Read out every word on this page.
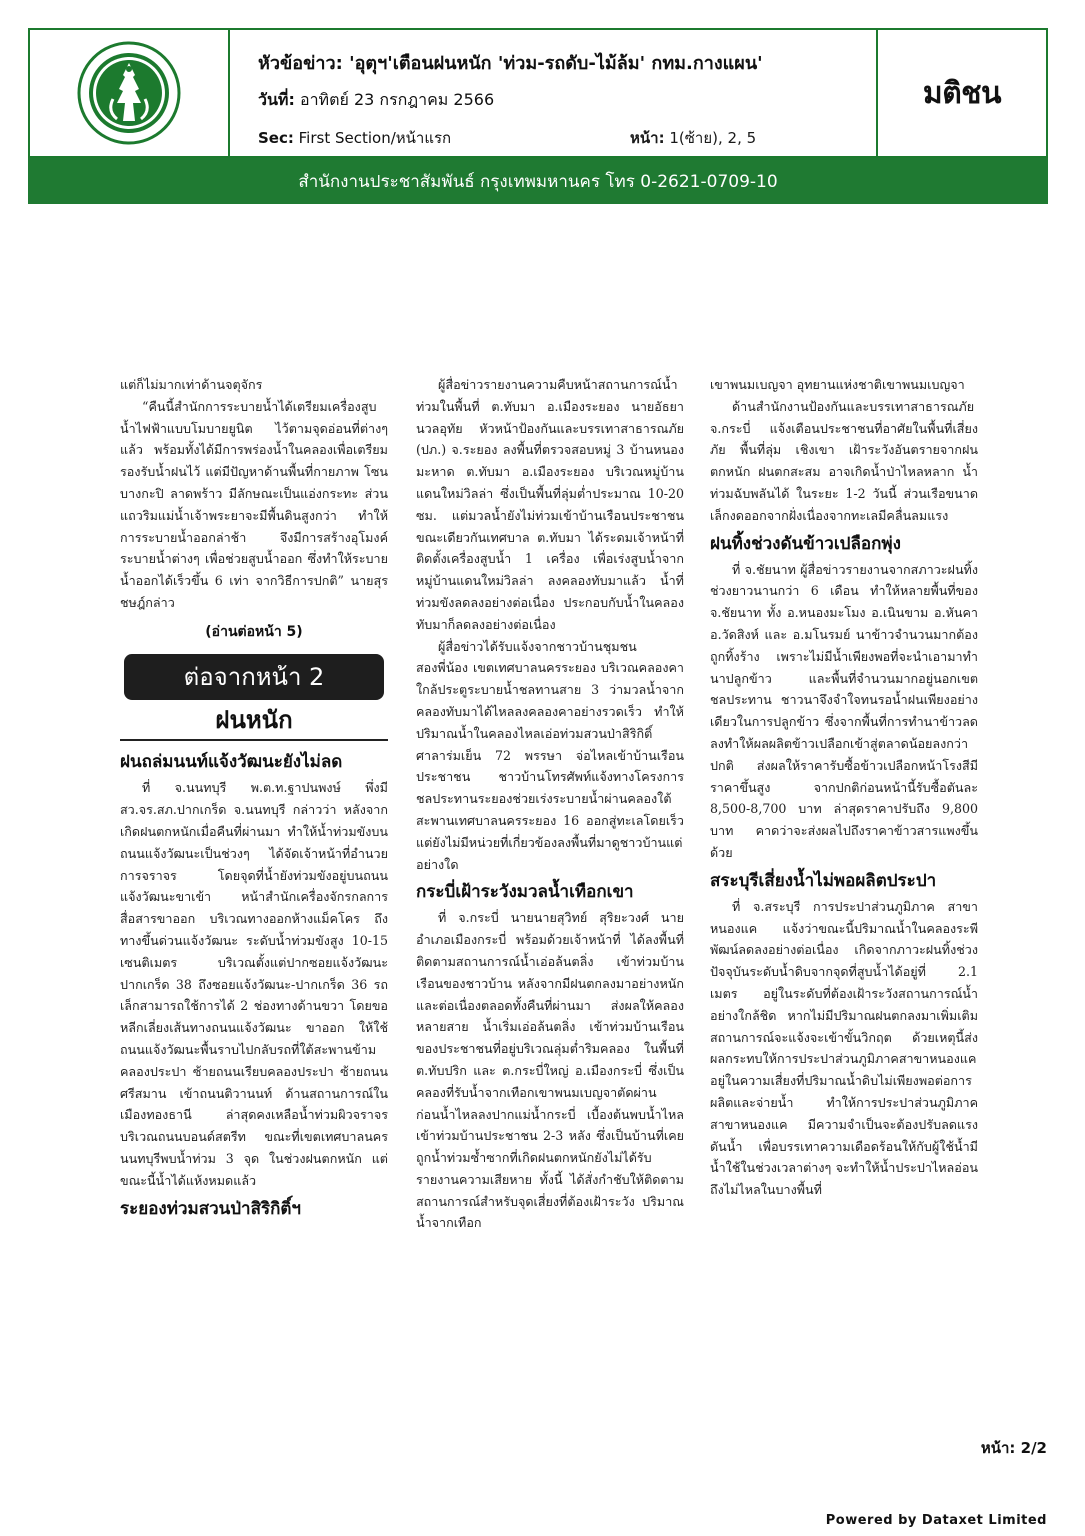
หัวข้อข่าว: 'อุตุฯ'เตือนฝนหนัก 'ท่วม-รถดับ-ไม้ล้ม' กทม.กางแผน'
วันที่: อาทิตย์ 23 กรกฎาคม 2566
Sec: First Section/หน้าแรก	หน้า: 1(ซ้าย), 2, 5
มติชน
สำนักงานประชาสัมพันธ์ กรุงเทพมหานคร โทร 0-2621-0709-10

แต่ก็ไม่มากเท่าด้านจตุจักร

“คืนนี้สำนักการระบายน้ำได้เตรียมเครื่องสูบน้ำไฟฟ้าแบบโมบายยูนิต ไว้ตามจุดอ่อนที่ต่างๆ แล้ว พร้อมทั้งได้มีการพร่องน้ำในคลองเพื่อเตรียมรองรับน้ำฝนไว้ แต่มีปัญหาด้านพื้นที่กายภาพ โซนบางกะปิ ลาดพร้าว มีลักษณะเป็นแอ่งกระทะ ส่วนแถวริมแม่น้ำเจ้าพระยาจะมีพื้นดินสูงกว่า ทำให้การระบายน้ำออกล่าช้า จึงมีการสร้างอุโมงค์ระบายน้ำต่างๆ เพื่อช่วยสูบน้ำออก ซึ่งทำให้ระบายน้ำออกได้เร็วขึ้น 6 เท่า จากวิธีการปกติ” นายสุรชษฎ์กล่าว

(อ่านต่อหน้า 5)
ต่อจากหน้า 2
ฝนหนัก
ฝนถล่มนนท์แจ้งวัฒนะยังไม่ลด

ที่ จ.นนทบุรี พ.ต.ท.ฐาปนพงษ์ พึ่งมี สว.จร.สภ.ปากเกร็ด จ.นนทบุรี กล่าวว่า หลังจากเกิดฝนตกหนักเมื่อคืนที่ผ่านมา ทำให้น้ำท่วมขังบนถนนแจ้งวัฒนะเป็นช่วงๆ ได้จัดเจ้าหน้าที่อำนวยการจราจร โดยจุดที่น้ำยังท่วมขังอยู่บนถนนแจ้งวัฒนะขาเข้า หน้าสำนักเครื่องจักรกลการสื่อสารขาออก บริเวณทางออกห้างแม็คโคร ถึงทางขึ้นด่วนแจ้งวัฒนะ ระดับน้ำท่วมขังสูง 10-15 เซนติเมตร บริเวณตั้งแต่ปากซอยแจ้งวัฒนะ ปากเกร็ด 38 ถึงซอยแจ้งวัฒนะ-ปากเกร็ด 36 รถเล็กสามารถใช้การได้ 2 ช่องทางด้านขวา โดยขอหลีกเลี่ยงเส้นทางถนนแจ้งวัฒนะ ขาออก ให้ใช้ถนนแจ้งวัฒนะพื้นราบไปกลับรถที่ใต้สะพานข้ามคลองประปา ซ้ายถนนเรียบคลองประปา ซ้ายถนนศรีสมาน เข้าถนนติวานนท์ ด้านสถานการณ์ในเมืองทองธานี ล่าสุดคงเหลือน้ำท่วมผิวจราจรบริเวณถนนบอนด์สตรีท ขณะที่เขตเทศบาลนครนนทบุรีพบน้ำท่วม 3 จุด ในช่วงฝนตกหนัก แต่ขณะนี้น้ำได้แห้งหมดแล้ว

ระยองท่วมสวนป่าสิริกิติ์ฯ

ผู้สื่อข่าวรายงานความคืบหน้าสถานการณ์น้ำท่วมในพื้นที่ ต.ทับมา อ.เมืองระยอง นายอัธยา นวลอุทัย หัวหน้าป้องกันและบรรเทาสาธารณภัย (ปภ.) จ.ระยอง ลงพื้นที่ตรวจสอบหมู่ 3 บ้านหนองมะหาด ต.ทับมา อ.เมืองระยอง บริเวณหมู่บ้านแดนใหม่วิลล่า ซึ่งเป็นพื้นที่ลุ่มต่ำประมาณ 10-20 ซม. แต่มวลน้ำยังไม่ท่วมเข้าบ้านเรือนประชาชน ขณะเดียวกันเทศบาล ต.ทับมา ได้ระดมเจ้าหน้าที่ติดตั้งเครื่องสูบน้ำ 1 เครื่อง เพื่อเร่งสูบน้ำจากหมู่บ้านแดนใหม่วิลล่า ลงคลองทับมาแล้ว น้ำที่ท่วมขังลดลงอย่างต่อเนื่อง ประกอบกับน้ำในคลองทับมาก็ลดลงอย่างต่อเนื่อง

ผู้สื่อข่าวได้รับแจ้งจากชาวบ้านชุมชนสองพี่น้อง เขตเทศบาลนครระยอง บริเวณคลองคาใกล้ประตูระบายน้ำชลทานสาย 3 ว่ามวลน้ำจากคลองทับมาได้ไหลลงคลองคาอย่างรวดเร็ว ทำให้ปริมาณน้ำในคลองไหลเอ่อท่วมสวนป่าสิริกิติ์ ศาลาร่มเย็น 72 พรรษา จ่อไหลเข้าบ้านเรือนประชาชน ชาวบ้านโทรศัพท์แจ้งทางโครงการชลประทานระยองช่วยเร่งระบายน้ำผ่านคลองใต้สะพานเทศบาลนครระยอง 16 ออกสู่ทะเลโดยเร็ว แต่ยังไม่มีหน่วยที่เกี่ยวข้องลงพื้นที่มาดูชาวบ้านแต่อย่างใด

กระบี่เฝ้าระวังมวลน้ำเทือกเขา

ที่ จ.กระบี่ นายนายสุวิทย์ สุริยะวงศ์ นายอำเภอเมืองกระบี่ พร้อมด้วยเจ้าหน้าที่ ได้ลงพื้นที่ติดตามสถานการณ์น้ำเอ่อล้นตลิ่ง เข้าท่วมบ้านเรือนของชาวบ้าน หลังจากมีฝนตกลงมาอย่างหนักและต่อเนื่องตลอดทั้งคืนที่ผ่านมา ส่งผลให้คลองหลายสาย น้ำเริ่มเอ่อล้นตลิ่ง เข้าท่วมบ้านเรือนของประชาชนที่อยู่บริเวณลุ่มต่ำริมคลอง ในพื้นที่ ต.ทับปริก และ ต.กระบี่ใหญ่ อ.เมืองกระบี่ ซึ่งเป็นคลองที่รับน้ำจากเทือกเขาพนมเบญจาตัดผ่าน ก่อนน้ำไหลลงปากแม่น้ำกระบี่ เบื้องต้นพบน้ำไหลเข้าท่วมบ้านประชาชน 2-3 หลัง ซึ่งเป็นบ้านที่เคยถูกน้ำท่วมซ้ำซากที่เกิดฝนตกหนักยังไม่ได้รับรายงานความเสียหาย ทั้งนี้ ได้สั่งกำชับให้ติดตามสถานการณ์สำหรับจุดเสี่ยงที่ต้องเฝ้าระวัง ปริมาณน้ำจากเทือก

เขาพนมเบญจา อุทยานแห่งชาติเขาพนมเบญจา

ด้านสำนักงานป้องกันและบรรเทาสาธารณภัย จ.กระบี่ แจ้งเตือนประชาชนที่อาศัยในพื้นที่เสี่ยงภัย พื้นที่ลุ่ม เชิงเขา เฝ้าระวังอันตรายจากฝนตกหนัก ฝนตกสะสม อาจเกิดน้ำป่าไหลหลาก น้ำท่วมฉับพลันได้ ในระยะ 1-2 วันนี้ ส่วนเรือขนาดเล็กงดออกจากฝั่งเนื่องจากทะเลมีคลื่นลมแรง

ฝนทิ้งช่วงดันข้าวเปลือกพุ่ง

ที่ จ.ชัยนาท ผู้สื่อข่าวรายงานจากสภาวะฝนทิ้งช่วงยาวนานกว่า 6 เดือน ทำให้หลายพื้นที่ของ จ.ชัยนาท ทั้ง อ.หนองมะโมง อ.เนินขาม อ.หันคา อ.วัดสิงห์ และ อ.มโนรมย์ นาข้าวจำนวนมากต้องถูกทิ้งร้าง เพราะไม่มีน้ำเพียงพอที่จะนำเอามาทำนาปลูกข้าว และพื้นที่จำนวนมากอยู่นอกเขตชลประทาน ชาวนาจึงจำใจทนรอน้ำฝนเพียงอย่างเดียวในการปลูกข้าว ซึ่งจากพื้นที่การทำนาข้าวลดลงทำให้ผลผลิตข้าวเปลือกเข้าสู่ตลาดน้อยลงกว่าปกติ ส่งผลให้ราคารับซื้อข้าวเปลือกหน้าโรงสีมีราคาขึ้นสูง จากปกติก่อนหน้านี้รับซื้อตันละ 8,500-8,700 บาท ล่าสุดราคาปรับถึง 9,800 บาท คาดว่าจะส่งผลไปถึงราคาข้าวสารแพงขึ้นด้วย

สระบุรีเสี่ยงน้ำไม่พอผลิตประปา

ที่ จ.สระบุรี การประปาส่วนภูมิภาค สาขาหนองแค แจ้งว่าขณะนี้ปริมาณน้ำในคลองระพีพัฒน์ลดลงอย่างต่อเนื่อง เกิดจากภาวะฝนทิ้งช่วง ปัจจุบันระดับน้ำดิบจากจุดที่สูบน้ำได้อยู่ที่ 2.1 เมตร อยู่ในระดับที่ต้องเฝ้าระวังสถานการณ์น้ำอย่างใกล้ชิด หากไม่มีปริมาณฝนตกลงมาเพิ่มเติม สถานการณ์จะแจ้งจะเข้าขั้นวิกฤต ด้วยเหตุนี้ส่งผลกระทบให้การประปาส่วนภูมิภาคสาขาหนองแค อยู่ในความเสี่ยงที่ปริมาณน้ำดิบไม่เพียงพอต่อการผลิตและจ่ายน้ำ ทำให้การประปาส่วนภูมิภาคสาขาหนองแค มีความจำเป็นจะต้องปรับลดแรงดันน้ำ เพื่อบรรเทาความเดือดร้อนให้กับผู้ใช้น้ำมีน้ำใช้ในช่วงเวลาต่างๆ จะทำให้น้ำประปาไหลอ่อนถึงไม่ไหลในบางพื้นที่

หน้า: 2/2
Powered by Dataxet Limited
